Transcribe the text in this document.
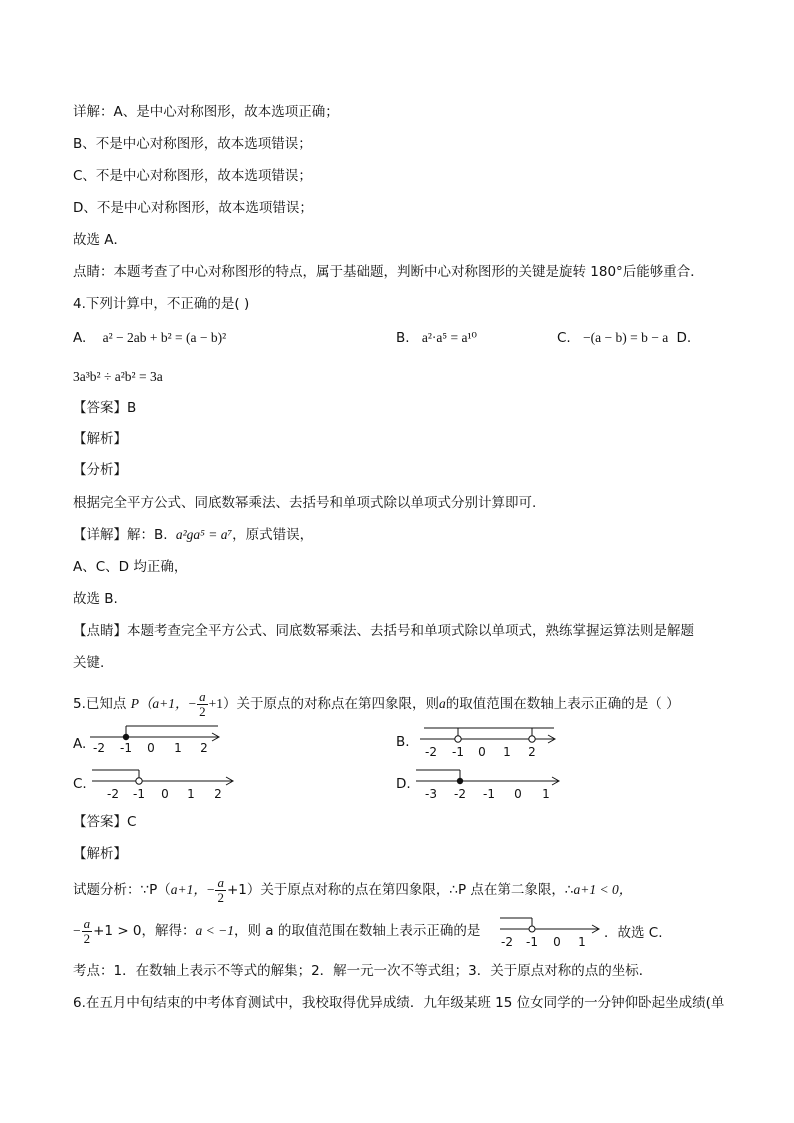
详解：A、是中心对称图形，故本选项正确；
B、不是中心对称图形，故本选项错误；
C、不是中心对称图形，故本选项错误；
D、不是中心对称图形，故本选项错误；
故选 A．
点睛：本题考查了中心对称图形的特点，属于基础题，判断中心对称图形的关键是旋转 180°后能够重合．
4.下列计算中，不正确的是( )
A. a² − 2ab + b² = (a − b)²	B. a²·a⁵ = a¹⁰	C. −(a − b) = b − a D.
3a³b² ÷ a²b² = 3a
【答案】B
【解析】
【分析】
根据完全平方公式、同底数幂乘法、去括号和单项式除以单项式分别计算即可.
【详解】解：B. a²ga⁵ = a⁷，原式错误，
A、C、D 均正确，
故选 B.
【点睛】本题考查完全平方公式、同底数幂乘法、去括号和单项式除以单项式，熟练掌握运算法则是解题
关键.
5.已知点 P（a+1，− $\frac{a}{2} +1$）关于原点的对称点在第四象限，则a的取值范围在数轴上表示正确的是（ ）
A. -2 -1 0 1 2	B.
-2 -1 0 1 2
C.
-2 -1 0 1 2
D.
-3 -2 -1 0 1
【答案】C
【解析】
试题分析：∵P（a+1，− $\frac{a}{2} +1$）关于原点对称的点在第四象限，∴P 点在第二象限，∴a+1 < 0，
− $\frac{a}{2} +1 > 0$，解得：a < −1，则 a 的取值范围在数轴上表示正确的是
-2 -1 0 1
．故选 C.
考点：1．在数轴上表示不等式的解集；2．解一元一次不等式组；3．关于原点对称的点的坐标．
6.在五月中旬结束的中考体育测试中，我校取得优异成绩．九年级某班 15 位女同学的一分钟仰卧起坐成绩(单
